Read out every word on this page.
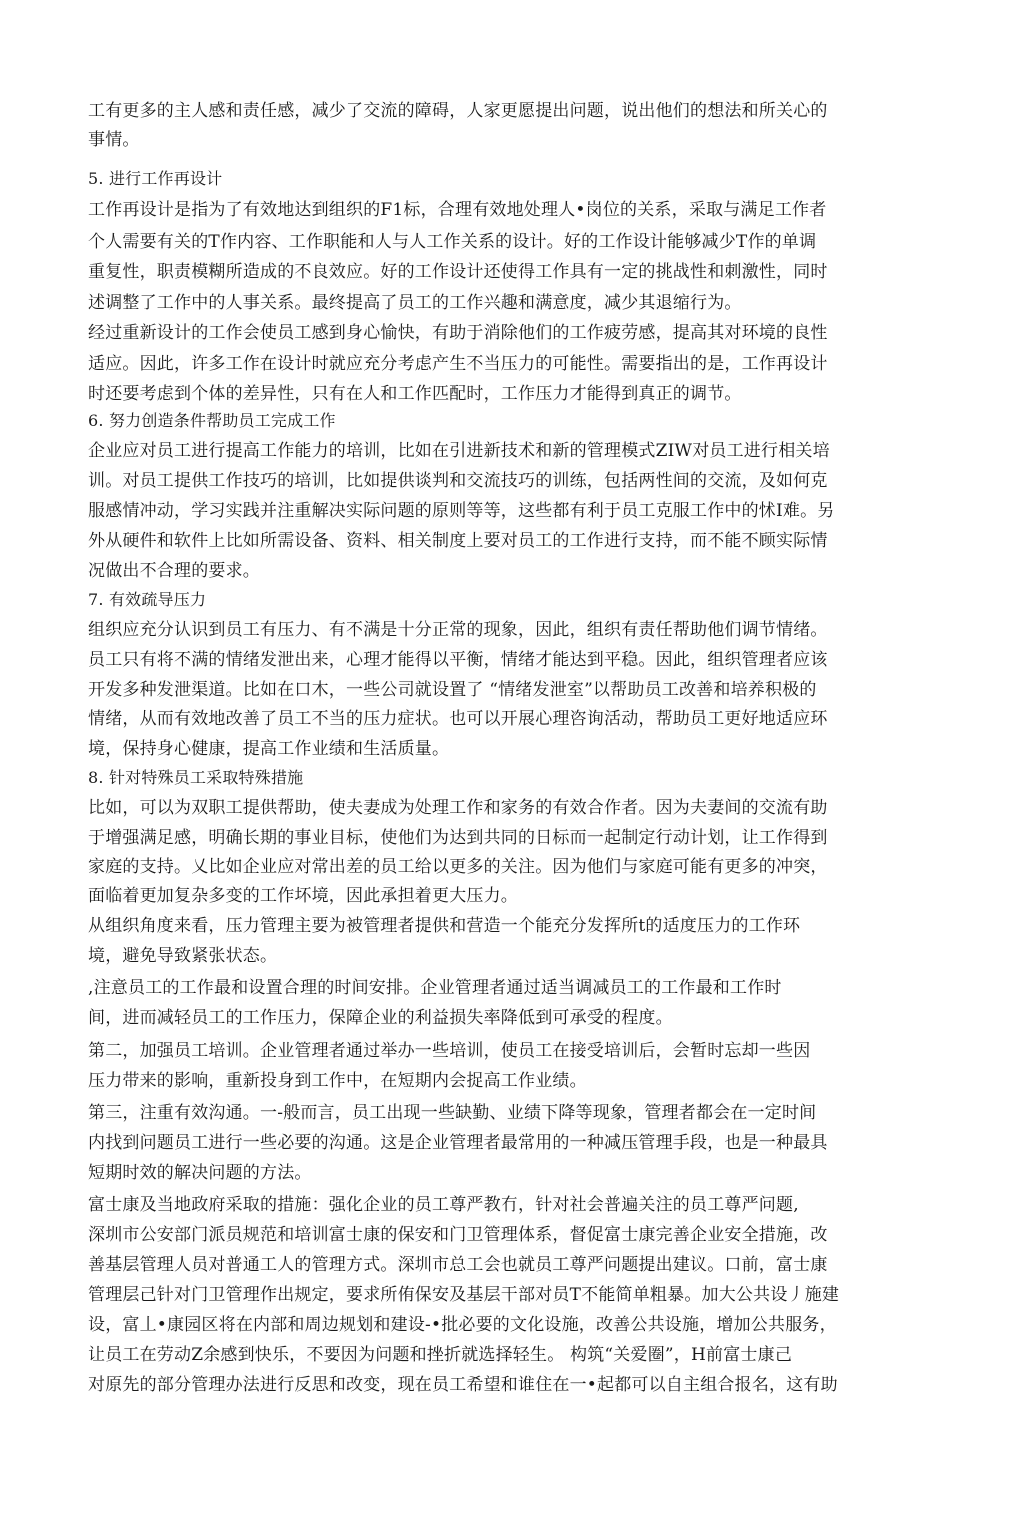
工有更多的主人感和责任感，减少了交流的障碍，人家更愿提出问题，说出他们的想法和所关心的
事情。
5. 进行工作再设计
工作再设计是指为了有效地达到组织的F1标，合理有效地处理人•岗位的关系，采取与满足工作者
个人需要有关的T作内容、工作职能和人与人工作关系的设计。好的工作设计能够减少T作的单调
重复性，职责模糊所造成的不良效应。好的工作设计还使得工作具有一定的挑战性和刺激性，同时
述调整了工作中的人事关系。最终提高了员工的工作兴趣和满意度，减少其退缩行为。
经过重新设计的工作会使员工感到身心愉快，有助于消除他们的工作疲劳感，提高其对环境的良性
适应。因此，许多工作在设计时就应充分考虑产生不当压力的可能性。需要指出的是，工作再设计
时还要考虑到个体的差异性，只有在人和工作匹配时，工作压力才能得到真正的调节。
6. 努力创造条件帮助员工完成工作
企业应对员工进行提高工作能力的培训，比如在引进新技术和新的管理模式ZIW对员工进行相关培
训。对员工提供工作技巧的培训，比如提供谈判和交流技巧的训练，包括两性间的交流，及如何克
服感情冲动，学习实践并注重解决实际问题的原则等等，这些都有利于员工克服工作中的怵I难。另
外从硬件和软件上比如所需设备、资料、相关制度上要对员工的工作进行支持，而不能不顾实际情
况做出不合理的要求。
7. 有效疏导压力
组织应充分认识到员工有压力、有不满是十分正常的现象，因此，组织有责任帮助他们调节情绪。
员工只有将不满的情绪发泄出来，心理才能得以平衡，情绪才能达到平稳。因此，组织管理者应该
开发多种发泄渠道。比如在口木，一些公司就设置了 “情绪发泄室”以帮助员工改善和培养积极的
情绪，从而有效地改善了员工不当的压力症状。也可以开展心理咨询活动，帮助员工更好地适应环
境，保持身心健康，提高工作业绩和生活质量。
8. 针对特殊员工采取特殊措施
比如，可以为双职工提供帮助，使夫妻成为处理工作和家务的有效合作者。因为夫妻间的交流有助
于增强满足感，明确长期的事业目标，使他们为达到共同的日标而一起制定行动计划，让工作得到
家庭的支持。乂比如企业应对常出差的员工给以更多的关注。因为他们与家庭可能有更多的冲突，
面临着更加复杂多变的工作坏境，因此承担着更大压力。
从组织角度来看，压力管理主要为被管理者提供和营造一个能充分发挥所t的适度压力的工作环
境，避免导致紧张状态。
,注意员工的工作最和设置合理的时间安排。企业管理者通过适当调减员工的工作最和工作时
间，进而减轻员工的工作压力，保障企业的利益损失率降低到可承受的程度。
第二，加强员工培训。企业管理者通过举办一些培训，使员工在接受培训后，会暂时忘却一些因
压力带来的影响，重新投身到工作中，在短期内会捉高工作业绩。
第三，注重有效沟通。一-般而言，员工出现一些缺勤、业绩下降等现象，管理者都会在一定时间
内找到问题员工进行一些必要的沟通。这是企业管理者最常用的一种减压管理手段，也是一种最具
短期时效的解决问题的方法。
富士康及当地政府采取的措施：强化企业的员工尊严教冇，针对社会普遍关注的员工尊严问题,
深圳市公安部门派员规范和培训富士康的保安和门卫管理体系，督促富士康完善企业安全措施，改
善基层管理人员对普通工人的管理方式。深圳市总工会也就员工尊严问题提出建议。口前，富士康
管理层己针对门卫管理作出规定，要求所侑保安及基层干部对员T不能简单粗暴。加大公共设丿施建
设，富丄•康园区将在内部和周边规划和建设-•批必要的文化设施，改善公共设施，增加公共服务，
让员工在劳动Z余感到快乐，不要因为问题和挫折就选择轻生。 构筑“关爱圈”，H前富士康己
对原先的部分管理办法进行反思和改变，现在员工希望和谁住在一•起都可以自主组合报名，这有助
